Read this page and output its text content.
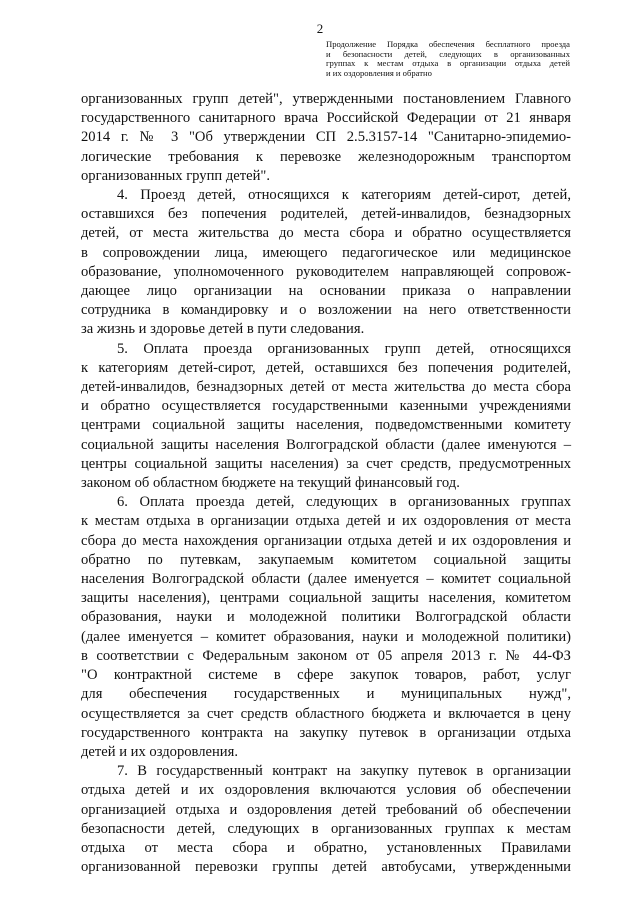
2
Продолжение Порядка обеспечения бесплатного проезда
и безопасности детей, следующих в организованных
группах к местам отдыха в организации отдыха детей
и их оздоровления и обратно
организованных групп детей", утвержденными постановлением Главного
государственного санитарного врача Российской Федерации от 21 января
2014 г. № 3 "Об утверждении СП 2.5.3157-14 "Санитарно-эпидемио-
логические требования к перевозке железнодорожным транспортом
организованных групп детей".
4. Проезд детей, относящихся к категориям детей-сирот, детей,
оставшихся без попечения родителей, детей-инвалидов, безнадзорных
детей, от места жительства до места сбора и обратно осуществляется
в сопровождении лица, имеющего педагогическое или медицинское
образование, уполномоченного руководителем направляющей сопровож-
дающее лицо организации на основании приказа о направлении
сотрудника в командировку и о возложении на него ответственности
за жизнь и здоровье детей в пути следования.
5. Оплата проезда организованных групп детей, относящихся
к категориям детей-сирот, детей, оставшихся без попечения родителей,
детей-инвалидов, безнадзорных детей от места жительства до места сбора
и обратно осуществляется государственными казенными учреждениями
центрами социальной защиты населения, подведомственными комитету
социальной защиты населения Волгоградской области (далее именуются –
центры социальной защиты населения) за счет средств, предусмотренных
законом об областном бюджете на текущий финансовый год.
6. Оплата проезда детей, следующих в организованных группах
к местам отдыха в организации отдыха детей и их оздоровления от места
сбора до места нахождения организации отдыха детей и их оздоровления и
обратно по путевкам, закупаемым комитетом социальной защиты
населения Волгоградской области (далее именуется – комитет социальной
защиты населения), центрами социальной защиты населения, комитетом
образования, науки и молодежной политики Волгоградской области
(далее именуется – комитет образования, науки и молодежной политики)
в соответствии с Федеральным законом от 05 апреля 2013 г. № 44-ФЗ
"О контрактной системе в сфере закупок товаров, работ, услуг
для обеспечения государственных и муниципальных нужд",
осуществляется за счет средств областного бюджета и включается в цену
государственного контракта на закупку путевок в организации отдыха
детей и их оздоровления.
7. В государственный контракт на закупку путевок в организации
отдыха детей и их оздоровления включаются условия об обеспечении
организацией отдыха и оздоровления детей требований об обеспечении
безопасности детей, следующих в организованных группах к местам
отдыха от места сбора и обратно, установленных Правилами
организованной перевозки группы детей автобусами, утвержденными
